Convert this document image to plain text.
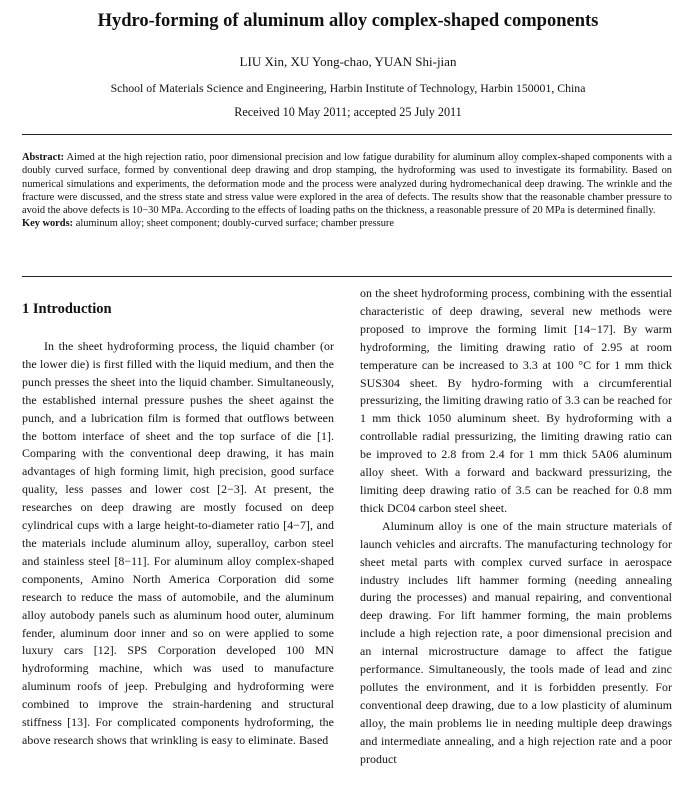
Hydro-forming of aluminum alloy complex-shaped components
LIU Xin, XU Yong-chao, YUAN Shi-jian
School of Materials Science and Engineering, Harbin Institute of Technology, Harbin 150001, China
Received 10 May 2011; accepted 25 July 2011

Abstract: Aimed at the high rejection ratio, poor dimensional precision and low fatigue durability for aluminum alloy complex-shaped components with a doubly curved surface, formed by conventional deep drawing and drop stamping, the hydroforming was used to investigate its formability. Based on numerical simulations and experiments, the deformation mode and the process were analyzed during hydromechanical deep drawing. The wrinkle and the fracture were discussed, and the stress state and stress value were explored in the area of defects. The results show that the reasonable chamber pressure to avoid the above defects is 10−30 MPa. According to the effects of loading paths on the thickness, a reasonable pressure of 20 MPa is determined finally.

Key words: aluminum alloy; sheet component; doubly-curved surface; chamber pressure

1 Introduction

In the sheet hydroforming process, the liquid chamber (or the lower die) is first filled with the liquid medium, and then the punch presses the sheet into the liquid chamber. Simultaneously, the established internal pressure pushes the sheet against the punch, and a lubrication film is formed that outflows between the bottom interface of sheet and the top surface of die [1]. Comparing with the conventional deep drawing, it has main advantages of high forming limit, high precision, good surface quality, less passes and lower cost [2−3]. At present, the researches on deep drawing are mostly focused on deep cylindrical cups with a large height-to-diameter ratio [4−7], and the materials include aluminum alloy, superalloy, carbon steel and stainless steel [8−11]. For aluminum alloy complex-shaped components, Amino North America Corporation did some research to reduce the mass of automobile, and the aluminum alloy autobody panels such as aluminum hood outer, aluminum fender, aluminum door inner and so on were applied to some luxury cars [12]. SPS Corporation developed 100 MN hydroforming machine, which was used to manufacture aluminum roofs of jeep. Prebulging and hydroforming were combined to improve the strain-hardening and structural stiffness [13]. For complicated components hydroforming, the above research shows that wrinkling is easy to eliminate. Based

on the sheet hydroforming process, combining with the essential characteristic of deep drawing, several new methods were proposed to improve the forming limit [14−17]. By warm hydroforming, the limiting drawing ratio of 2.95 at room temperature can be increased to 3.3 at 100 °C for 1 mm thick SUS304 sheet. By hydro-forming with a circumferential pressurizing, the limiting drawing ratio of 3.3 can be reached for 1 mm thick 1050 aluminum sheet. By hydroforming with a controllable radial pressurizing, the limiting drawing ratio can be improved to 2.8 from 2.4 for 1 mm thick 5A06 aluminum alloy sheet. With a forward and backward pressurizing, the limiting deep drawing ratio of 3.5 can be reached for 0.8 mm thick DC04 carbon steel sheet.

Aluminum alloy is one of the main structure materials of launch vehicles and aircrafts. The manufacturing technology for sheet metal parts with complex curved surface in aerospace industry includes lift hammer forming (needing annealing during the processes) and manual repairing, and conventional deep drawing. For lift hammer forming, the main problems include a high rejection rate, a poor dimensional precision and an internal microstructure damage to affect the fatigue performance. Simultaneously, the tools made of lead and zinc pollutes the environment, and it is forbidden presently. For conventional deep drawing, due to a low plasticity of aluminum alloy, the main problems lie in needing multiple deep drawings and intermediate annealing, and a high rejection rate and a poor product
